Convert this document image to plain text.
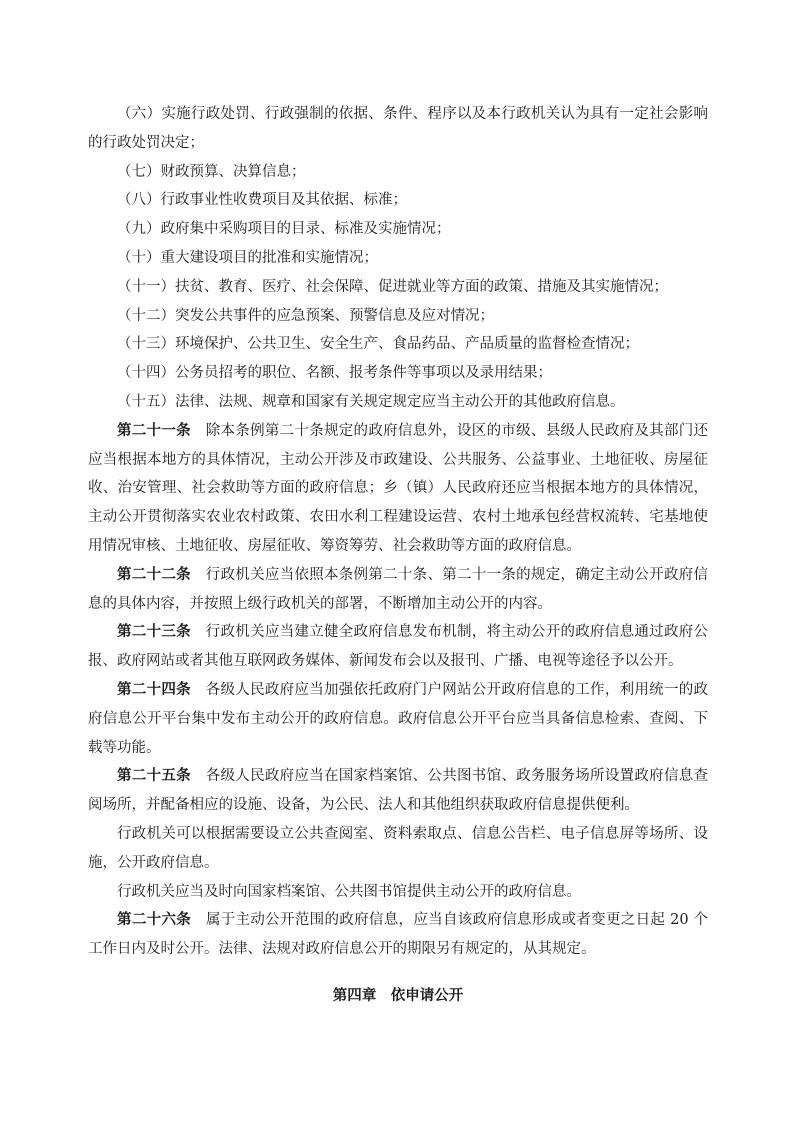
（六）实施行政处罚、行政强制的依据、条件、程序以及本行政机关认为具有一定社会影响的行政处罚决定；

（七）财政预算、决算信息；

（八）行政事业性收费项目及其依据、标准；

（九）政府集中采购项目的目录、标准及实施情况；

（十）重大建设项目的批准和实施情况；

（十一）扶贫、教育、医疗、社会保障、促进就业等方面的政策、措施及其实施情况；

（十二）突发公共事件的应急预案、预警信息及应对情况；

（十三）环境保护、公共卫生、安全生产、食品药品、产品质量的监督检查情况；

（十四）公务员招考的职位、名额、报考条件等事项以及录用结果；

（十五）法律、法规、规章和国家有关规定规定应当主动公开的其他政府信息。

第二十一条　 除本条例第二十条规定的政府信息外，设区的市级、县级人民政府及其部门还应当根据本地方的具体情况，主动公开涉及市政建设、公共服务、公益事业、土地征收、房屋征收、治安管理、社会救助等方面的政府信息；乡（镇）人民政府还应当根据本地方的具体情况，主动公开贯彻落实农业农村政策、农田水利工程建设运营、农村土地承包经营权流转、宅基地使用情况审核、土地征收、房屋征收、筹资筹劳、社会救助等方面的政府信息。

第二十二条　 行政机关应当依照本条例第二十条、第二十一条的规定，确定主动公开政府信息的具体内容，并按照上级行政机关的部署，不断增加主动公开的内容。

第二十三条　 行政机关应当建立健全政府信息发布机制，将主动公开的政府信息通过政府公报、政府网站或者其他互联网政务媒体、新闻发布会以及报刊、广播、电视等途径予以公开。

第二十四条　 各级人民政府应当加强依托政府门户网站公开政府信息的工作，利用统一的政府信息公开平台集中发布主动公开的政府信息。政府信息公开平台应当具备信息检索、查阅、下载等功能。

第二十五条　 各级人民政府应当在国家档案馆、公共图书馆、政务服务场所设置政府信息查阅场所，并配备相应的设施、设备，为公民、法人和其他组织获取政府信息提供便利。

行政机关可以根据需要设立公共查阅室、资料索取点、信息公告栏、电子信息屏等场所、设施，公开政府信息。

行政机关应当及时向国家档案馆、公共图书馆提供主动公开的政府信息。

第二十六条　 属于主动公开范围的政府信息，应当自该政府信息形成或者变更之日起 20 个工作日内及时公开。法律、法规对政府信息公开的期限另有规定的，从其规定。

第四章　依申请公开
